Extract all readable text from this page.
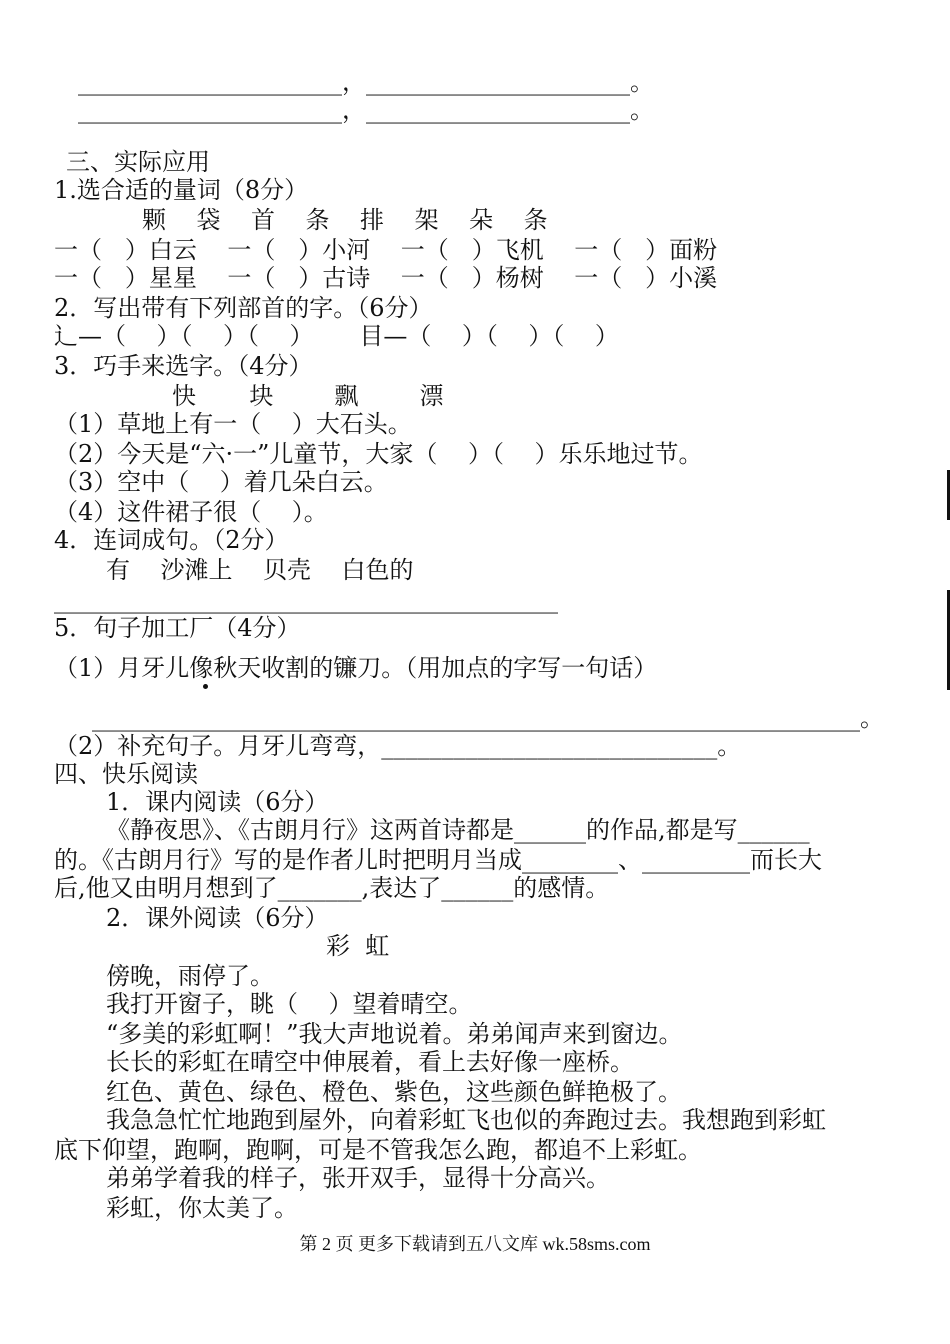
______________________，______________________。
______________________，______________________。
三、实际应用
1.选合适的量词（8分）
颗    袋    首    条    排    架    朵    条
一（   ）白云    一（   ）小河    一（   ）飞机    一（   ）面粉
一（   ）星星    一（   ）古诗    一（   ）杨树    一（   ）小溪
2．写出带有下列部首的字。（6分）
辶—（    ）（    ）（    ）      目—（    ）（    ）（    ）
3．巧手来选字。（4分）
快       块        飘        漂
（1）草地上有一（    ）大石头。
（2）今天是“六·一”儿童节，大家（    ）（    ）乐乐地过节。
（3）空中（    ）着几朵白云。
（4）这件裙子很（    ）。
4．连词成句。（2分）
有    沙滩上    贝壳    白色的
__________________________________________
5．句子加工厂（4分）
（1）月牙儿像秋天收割的镰刀。（用加点的字写一句话）
________________________________________________________________。
（2）补充句子。月牙儿弯弯，____________________________。
四、快乐阅读
1．课内阅读（6分）
《静夜思》、《古朗月行》这两首诗都是______的作品,都是写______
的。《古朗月行》写的是作者儿时把明月当成________、_________而长大
后,他又由明月想到了_______,表达了______的感情。
2．课外阅读（6分）
彩  虹
傍晚，雨停了。
我打开窗子，眺（    ）望着晴空。
“多美的彩虹啊！”我大声地说着。弟弟闻声来到窗边。
长长的彩虹在晴空中伸展着，看上去好像一座桥。
红色、黄色、绿色、橙色、紫色，这些颜色鲜艳极了。
我急急忙忙地跑到屋外，向着彩虹飞也似的奔跑过去。我想跑到彩虹
底下仰望，跑啊，跑啊，可是不管我怎么跑，都追不上彩虹。
弟弟学着我的样子，张开双手，显得十分高兴。
彩虹，你太美了。
第 2 页 更多下载请到五八文库 wk.58sms.com
